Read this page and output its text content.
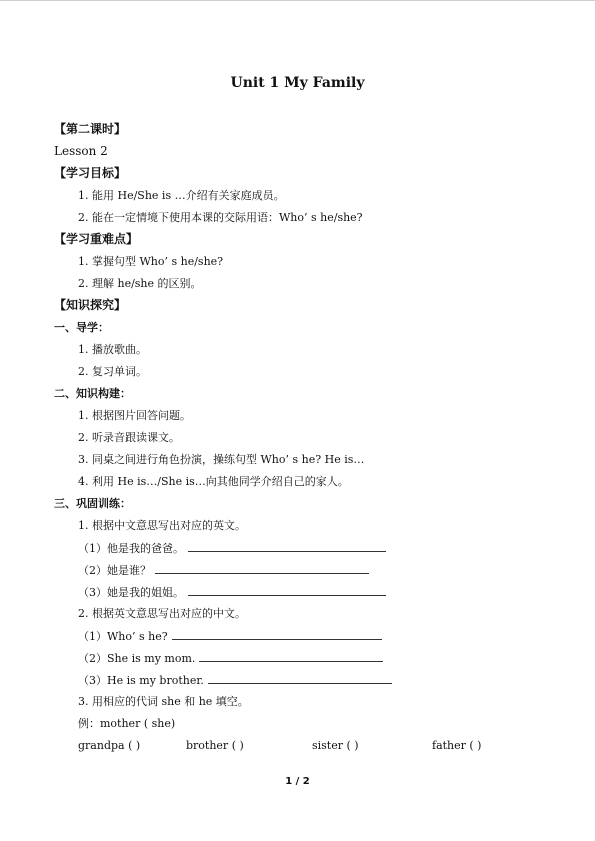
Unit 1 My Family
【第二课时】
Lesson 2
【学习目标】
1. 能用 He/She is …介绍有关家庭成员。
2. 能在一定情境下使用本课的交际用语：Who’ s he/she?
【学习重难点】
1. 掌握句型 Who’ s he/she?
2. 理解 he/she 的区别。
【知识探究】
一、导学：
1. 播放歌曲。
2. 复习单词。
二、知识构建：
1. 根据图片回答问题。
2. 听录音跟读课文。
3. 同桌之间进行角色扮演，操练句型 Who’ s he? He is…
4. 利用 He is…/She is…向其他同学介绍自己的家人。
三、巩固训练：
1. 根据中文意思写出对应的英文。
（1）他是我的爸爸。
（2）她是谁？
（3）她是我的姐姐。
2. 根据英文意思写出对应的中文。
（1）Who’ s he?
（2）She is my mom.
（3）He is my brother.
3. 用相应的代词 she 和 he 填空。
例：mother ( she)
grandpa ( )	brother ( )	sister ( )	father ( )
1 / 2
